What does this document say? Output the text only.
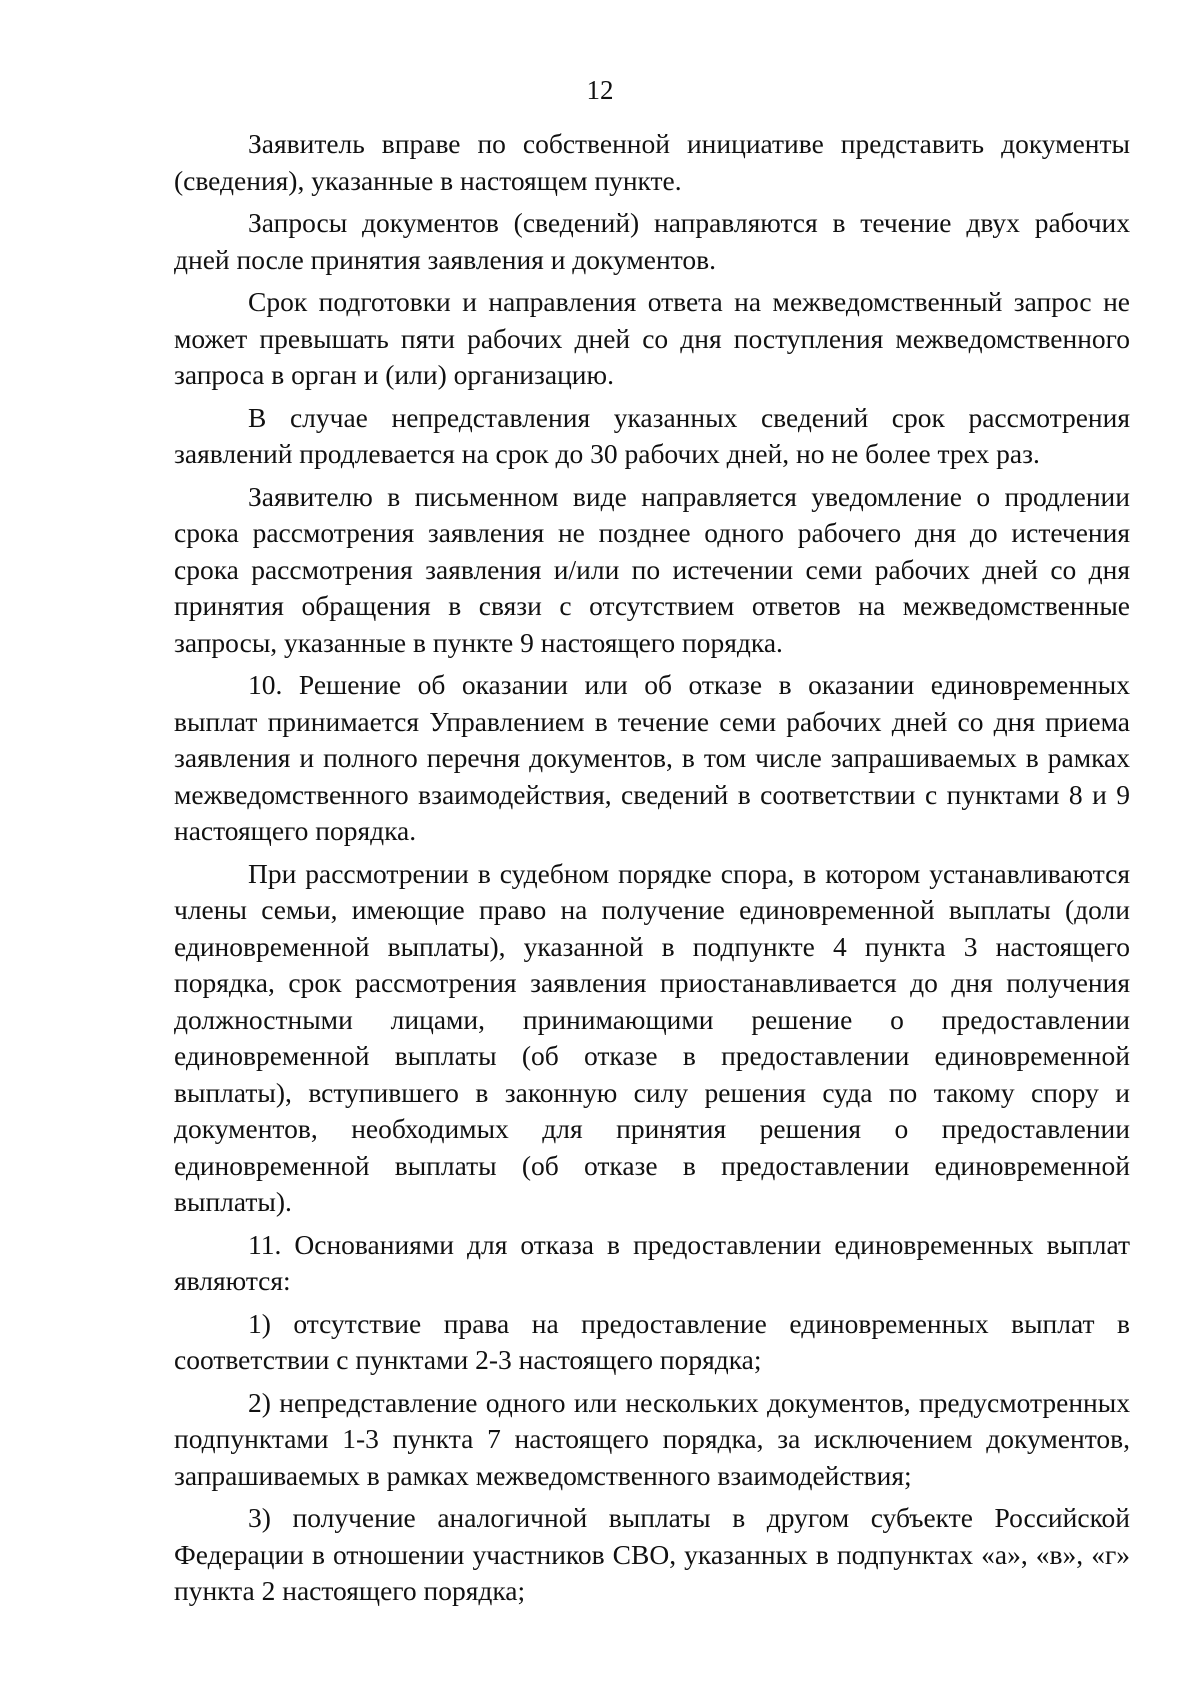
12

Заявитель вправе по собственной инициативе представить документы (сведения), указанные в настоящем пункте.

Запросы документов (сведений) направляются в течение двух рабочих дней после принятия заявления и документов.

Срок подготовки и направления ответа на межведомственный запрос не может превышать пяти рабочих дней со дня поступления межведомственного запроса в орган и (или) организацию.

В случае непредставления указанных сведений срок рассмотрения заявлений продлевается на срок до 30 рабочих дней, но не более трех раз.

Заявителю в письменном виде направляется уведомление о продлении срока рассмотрения заявления не позднее одного рабочего дня до истечения срока рассмотрения заявления и/или по истечении семи рабочих дней со дня принятия обращения в связи с отсутствием ответов на межведомственные запросы, указанные в пункте 9 настоящего порядка.

10. Решение об оказании или об отказе в оказании единовременных выплат принимается Управлением в течение семи рабочих дней со дня приема заявления и полного перечня документов, в том числе запрашиваемых в рамках межведомственного взаимодействия, сведений в соответствии с пунктами 8 и 9 настоящего порядка.

При рассмотрении в судебном порядке спора, в котором устанавливаются члены семьи, имеющие право на получение единовременной выплаты (доли единовременной выплаты), указанной в подпункте 4 пункта 3 настоящего порядка, срок рассмотрения заявления приостанавливается до дня получения должностными лицами, принимающими решение о предоставлении единовременной выплаты (об отказе в предоставлении единовременной выплаты), вступившего в законную силу решения суда по такому спору и документов, необходимых для принятия решения о предоставлении единовременной выплаты (об отказе в предоставлении единовременной выплаты).

11. Основаниями для отказа в предоставлении единовременных выплат являются:

1) отсутствие права на предоставление единовременных выплат в соответствии с пунктами 2-3 настоящего порядка;

2) непредставление одного или нескольких документов, предусмотренных подпунктами 1-3 пункта 7 настоящего порядка, за исключением документов, запрашиваемых в рамках межведомственного взаимодействия;

3) получение аналогичной выплаты в другом субъекте Российской Федерации в отношении участников СВО, указанных в подпунктах «а», «в», «г» пункта 2 настоящего порядка;
